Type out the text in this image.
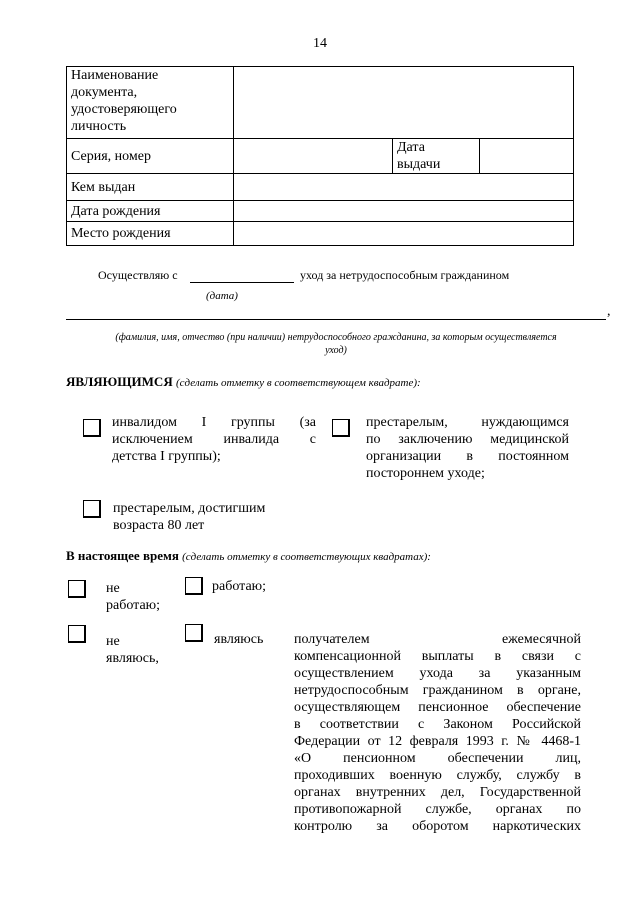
14
Наименование
документа,
удостоверяющего
личность			

Серия, номер		Дата
выдачи	

Кем выдан			
Дата рождения			
Место рождения			
Осуществляю с	уход за нетрудоспособным гражданином
(дата)
,
(фамилия, имя, отчество (при наличии) нетрудоспособного гражданина, за которым осуществляется
уход)
ЯВЛЯЮЩИМСЯ (сделать отметку в соответствующем квадрате):
инвалидом I группы (за
исключением инвалида с
детства I группы);
престарелым, нуждающимся
по заключению медицинской
организации в постоянном
постороннем уходе;
престарелым, достигшим
возраста 80 лет
В настоящее время (сделать отметку в соответствующих квадратах):
не
работаю;
работаю;
не
являюсь,
являюсь получателем ежемесячной
компенсационной выплаты в связи с
осуществлением ухода за указанным
нетрудоспособным гражданином в органе,
осуществляющем пенсионное обеспечение
в соответствии с Законом Российской
Федерации от 12 февраля 1993 г. № 4468-1
«О пенсионном обеспечении лиц,
проходивших военную службу, службу в
органах внутренних дел, Государственной
противопожарной службе, органах по
контролю за оборотом наркотических
